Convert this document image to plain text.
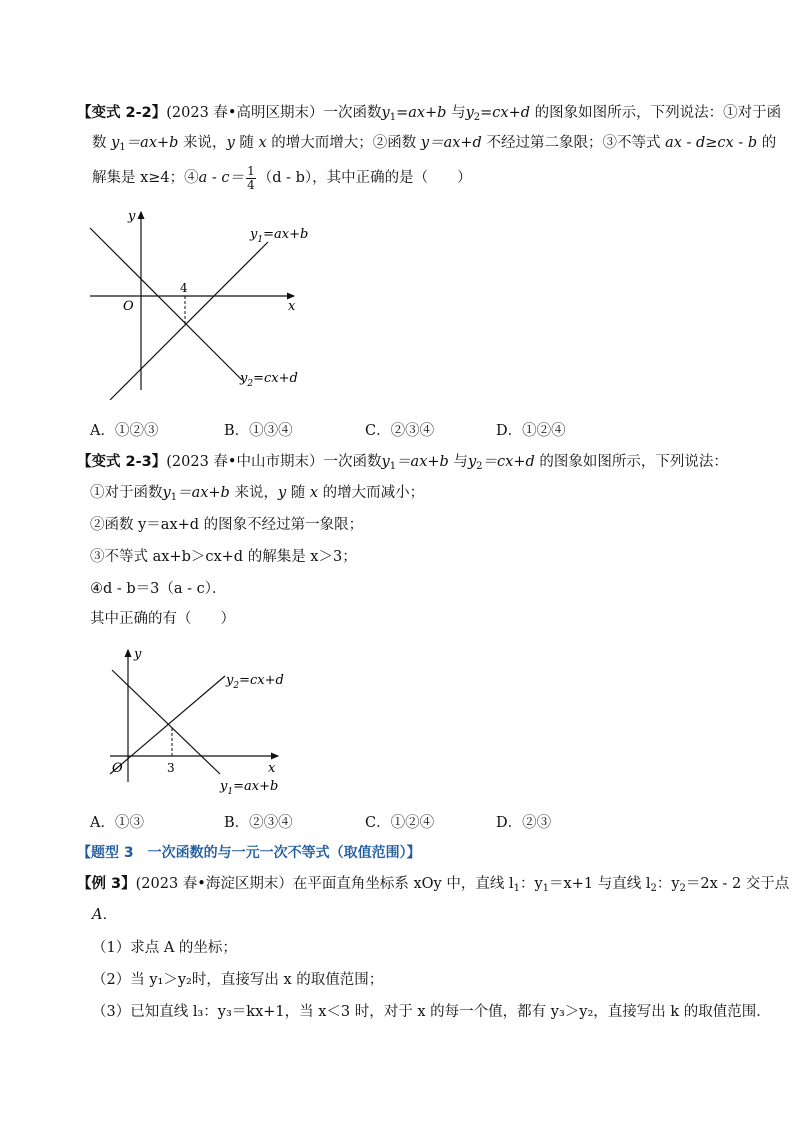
【变式 2-2】(2023 春•高明区期末）一次函数$y_1=ax+b$ 与$y_2=cx+d$ 的图象如图所示，下列说法：①对于函
数 $y_1=ax+b$ 来说，y 随 x 的增大而增大；②函数 y＝ax+d 不经过第二象限；③不等式 ax - d≥cx - b 的
解集是 x≥4；④a - $c= \frac{1}{4} (d - b)$，其中正确的是（　　）
y
x
O
4
$y_1=ax+b$
$y_2=cx+d$
A．①②③	B．①③④	C．②③④	D．①②④
【变式 2-3】(2023 春•中山市期末）一次函数$y_1=ax+b$ 与$y_2=cx+d$ 的图象如图所示，下列说法：
①对于函数$y_1=ax+b$ 来说，y 随 x 的增大而减小；
②函数 y＝ax+d 的图象不经过第一象限；
③不等式 ax+b＞cx+d 的解集是 x＞3；
④d - b＝3（a - c）．
其中正确的有（　　）
y
x
O	3
$y_2=cx+d$
$y_1=ax+b$
A．①③	B．②③④	C．①②④	D．②③
【题型 3　一次函数的与一元一次不等式（取值范围）】
【例 3】(2023 春•海淀区期末）在平面直角坐标系 xOy 中，直线 $l_1$：$y_1=x+1$ 与直线 $l_2$：$y_2=2x - 2$ 交于点
A．
（1）求点 A 的坐标；
（2）当 y₁＞y₂时，直接写出 x 的取值范围；
（3）已知直线 l₃：y₃＝kx+1，当 x＜3 时，对于 x 的每一个值，都有 y₃＞y₂，直接写出 k 的取值范围．
